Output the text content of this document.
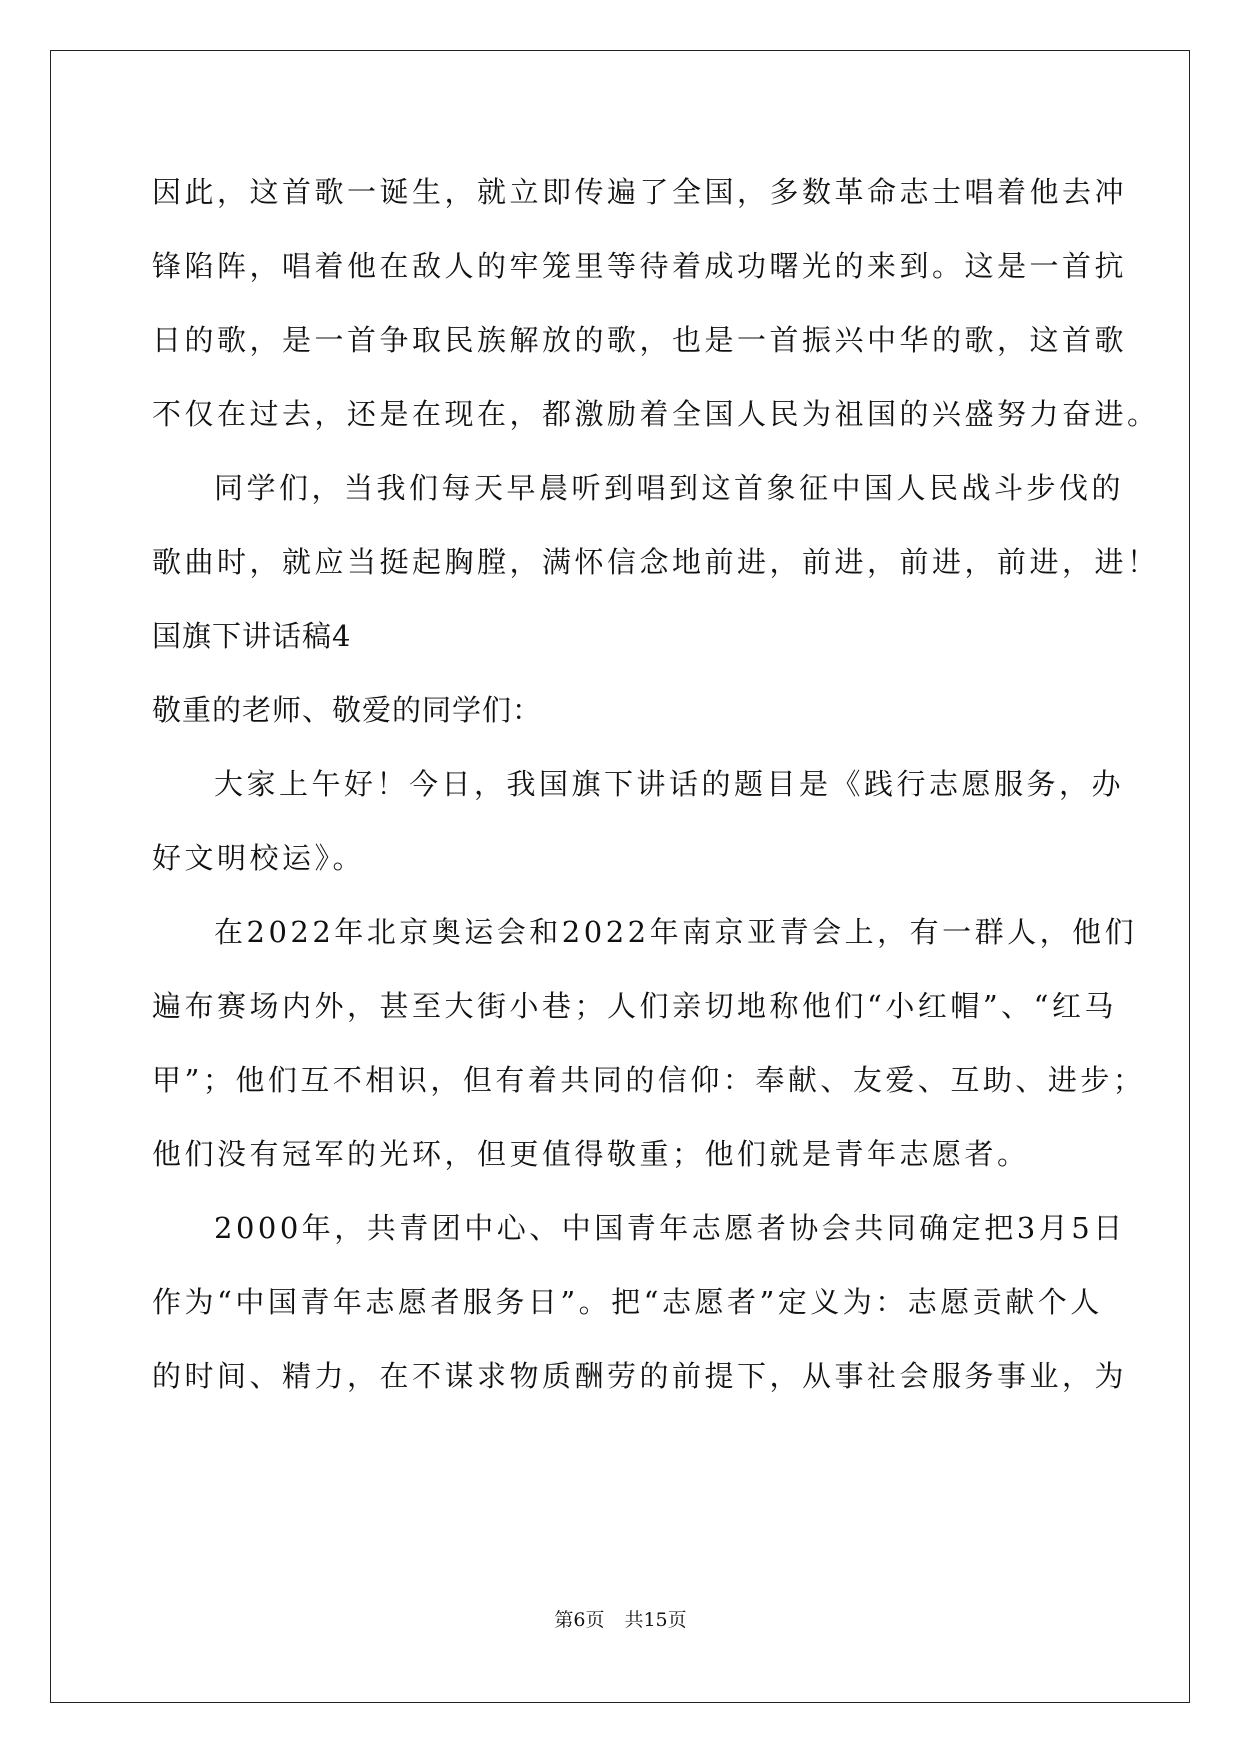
因此，这首歌一诞生，就立即传遍了全国，多数革命志士唱着他去冲
锋陷阵，唱着他在敌人的牢笼里等待着成功曙光的来到。这是一首抗
日的歌，是一首争取民族解放的歌，也是一首振兴中华的歌，这首歌
不仅在过去，还是在现在，都激励着全国人民为祖国的兴盛努力奋进。
同学们，当我们每天早晨听到唱到这首象征中国人民战斗步伐的
歌曲时，就应当挺起胸膛，满怀信念地前进，前进，前进，前进，进！
国旗下讲话稿4
敬重的老师、敬爱的同学们：
大家上午好！今日，我国旗下讲话的题目是《践行志愿服务，办
好文明校运》。
在2022年北京奥运会和2022年南京亚青会上，有一群人，他们
遍布赛场内外，甚至大街小巷；人们亲切地称他们“小红帽”、“红马
甲”；他们互不相识，但有着共同的信仰：奉献、友爱、互助、进步；
他们没有冠军的光环，但更值得敬重；他们就是青年志愿者。
2000年，共青团中心、中国青年志愿者协会共同确定把3月5日
作为“中国青年志愿者服务日”。把“志愿者”定义为：志愿贡献个人
的时间、精力，在不谋求物质酬劳的前提下，从事社会服务事业，为
第6页 共15页
